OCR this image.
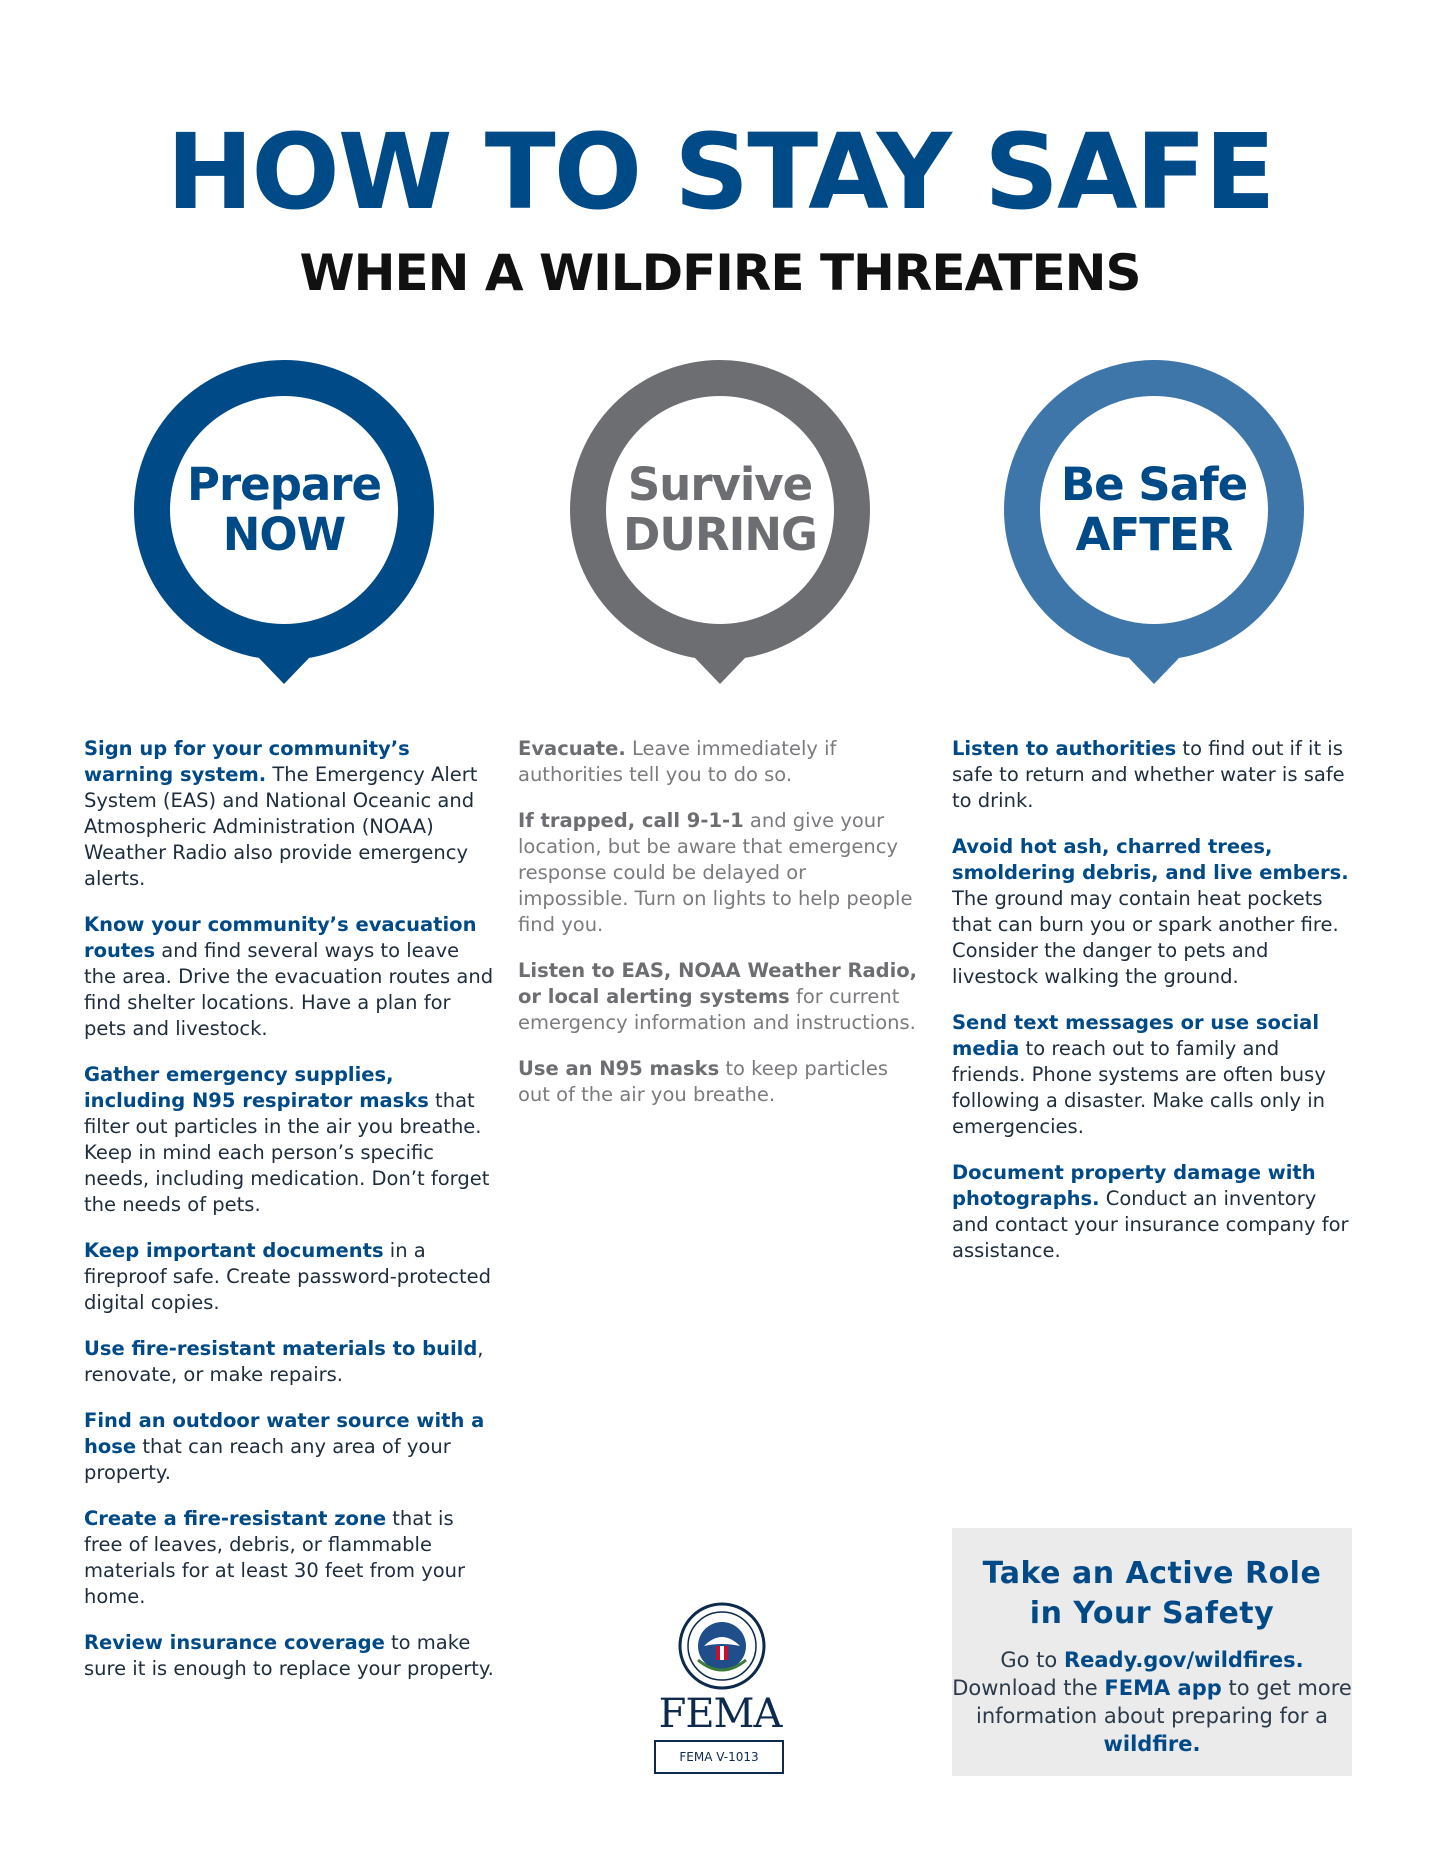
HOW TO STAY SAFE
WHEN A WILDFIRE THREATENS
Prepare
NOW
Survive
DURING
Be Safe
AFTER

Sign up for your community’s warning system. The Emergency Alert System (EAS) and National Oceanic and Atmospheric Administration (NOAA) Weather Radio also provide emergency alerts.

Know your community’s evacuation routes and find several ways to leave the area. Drive the evacuation routes and find shelter locations. Have a plan for pets and livestock.

Gather emergency supplies, including N95 respirator masks that filter out particles in the air you breathe. Keep in mind each person’s specific needs, including medication. Don’t forget the needs of pets.

Keep important documents in a fireproof safe. Create password-protected digital copies.

Use fire-resistant materials to build, renovate, or make repairs.

Find an outdoor water source with a hose that can reach any area of your property.

Create a fire-resistant zone that is free of leaves, debris, or flammable materials for at least 30 feet from your home.

Review insurance coverage to make sure it is enough to replace your property.

Evacuate. Leave immediately if authorities tell you to do so.

If trapped, call 9-1-1 and give your location, but be aware that emergency response could be delayed or impossible. Turn on lights to help people find you.

Listen to EAS, NOAA Weather Radio, or local alerting systems for current emergency information and instructions.

Use an N95 masks to keep particles out of the air you breathe.

Listen to authorities to find out if it is safe to return and whether water is safe to drink.

Avoid hot ash, charred trees, smoldering debris, and live embers. The ground may contain heat pockets that can burn you or spark another fire. Consider the danger to pets and livestock walking the ground.

Send text messages or use social media to reach out to family and friends. Phone systems are often busy following a disaster. Make calls only in emergencies.

Document property damage with photographs. Conduct an inventory and contact your insurance company for assistance.

FEMA
FEMA V-1013
Take an Active Role
in Your Safety
Go to Ready.gov/wildfires.
Download the FEMA app to get more information about preparing for a wildfire.
